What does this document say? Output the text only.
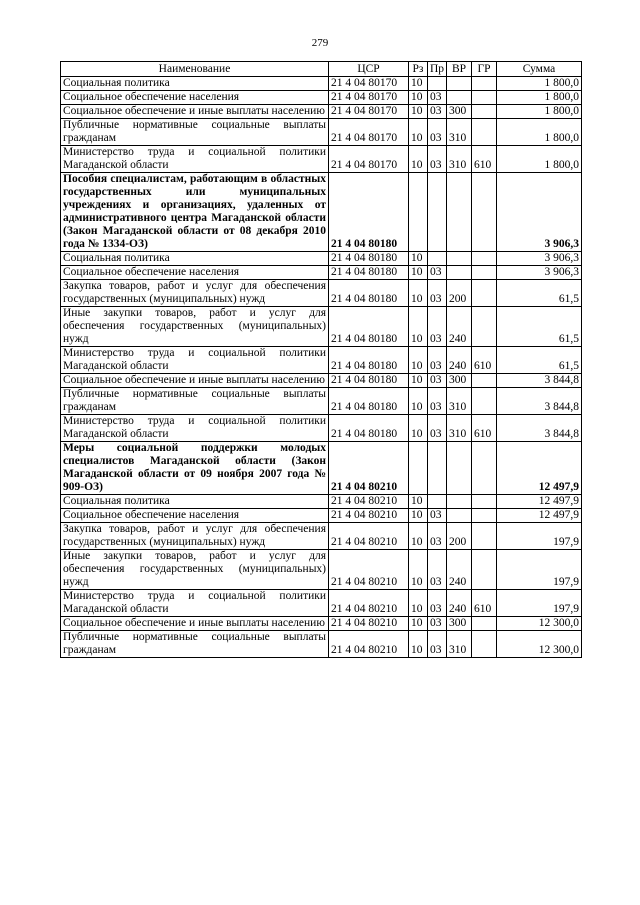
279
Наименование	ЦСР	Рз	Пр	ВР	ГР	Сумма
Социальная политика	21 4 04 80170	10				1 800,0
Социальное обеспечение населения	21 4 04 80170	10	03			1 800,0
Социальное обеспечение и иные выплаты населению	21 4 04 80170	10	03	300		1 800,0
Публичные нормативные социальные выплаты гражданам	21 4 04 80170	10	03	310		1 800,0
Министерство труда и социальной политики Магаданской области	21 4 04 80170	10	03	310	610	1 800,0
Пособия специалистам, работающим в областных государственных или муниципальных учреждениях и организациях, удаленных от административного центра Магаданской области (Закон Магаданской области от 08 декабря 2010 года № 1334-ОЗ)	21 4 04 80180					3 906,3
Социальная политика	21 4 04 80180	10				3 906,3
Социальное обеспечение населения	21 4 04 80180	10	03			3 906,3
Закупка товаров, работ и услуг для обеспечения государственных (муниципальных) нужд	21 4 04 80180	10	03	200		61,5
Иные закупки товаров, работ и услуг для обеспечения государственных (муниципальных) нужд	21 4 04 80180	10	03	240		61,5
Министерство труда и социальной политики Магаданской области	21 4 04 80180	10	03	240	610	61,5
Социальное обеспечение и иные выплаты населению	21 4 04 80180	10	03	300		3 844,8
Публичные нормативные социальные выплаты гражданам	21 4 04 80180	10	03	310		3 844,8
Министерство труда и социальной политики Магаданской области	21 4 04 80180	10	03	310	610	3 844,8
Меры социальной поддержки молодых специалистов Магаданской области (Закон Магаданской области от 09 ноября 2007 года № 909-ОЗ)	21 4 04 80210					12 497,9
Социальная политика	21 4 04 80210	10				12 497,9
Социальное обеспечение населения	21 4 04 80210	10	03			12 497,9
Закупка товаров, работ и услуг для обеспечения государственных (муниципальных) нужд	21 4 04 80210	10	03	200		197,9
Иные закупки товаров, работ и услуг для обеспечения государственных (муниципальных) нужд	21 4 04 80210	10	03	240		197,9
Министерство труда и социальной политики Магаданской области	21 4 04 80210	10	03	240	610	197,9
Социальное обеспечение и иные выплаты населению	21 4 04 80210	10	03	300		12 300,0
Публичные нормативные социальные выплаты гражданам	21 4 04 80210	10	03	310		12 300,0
